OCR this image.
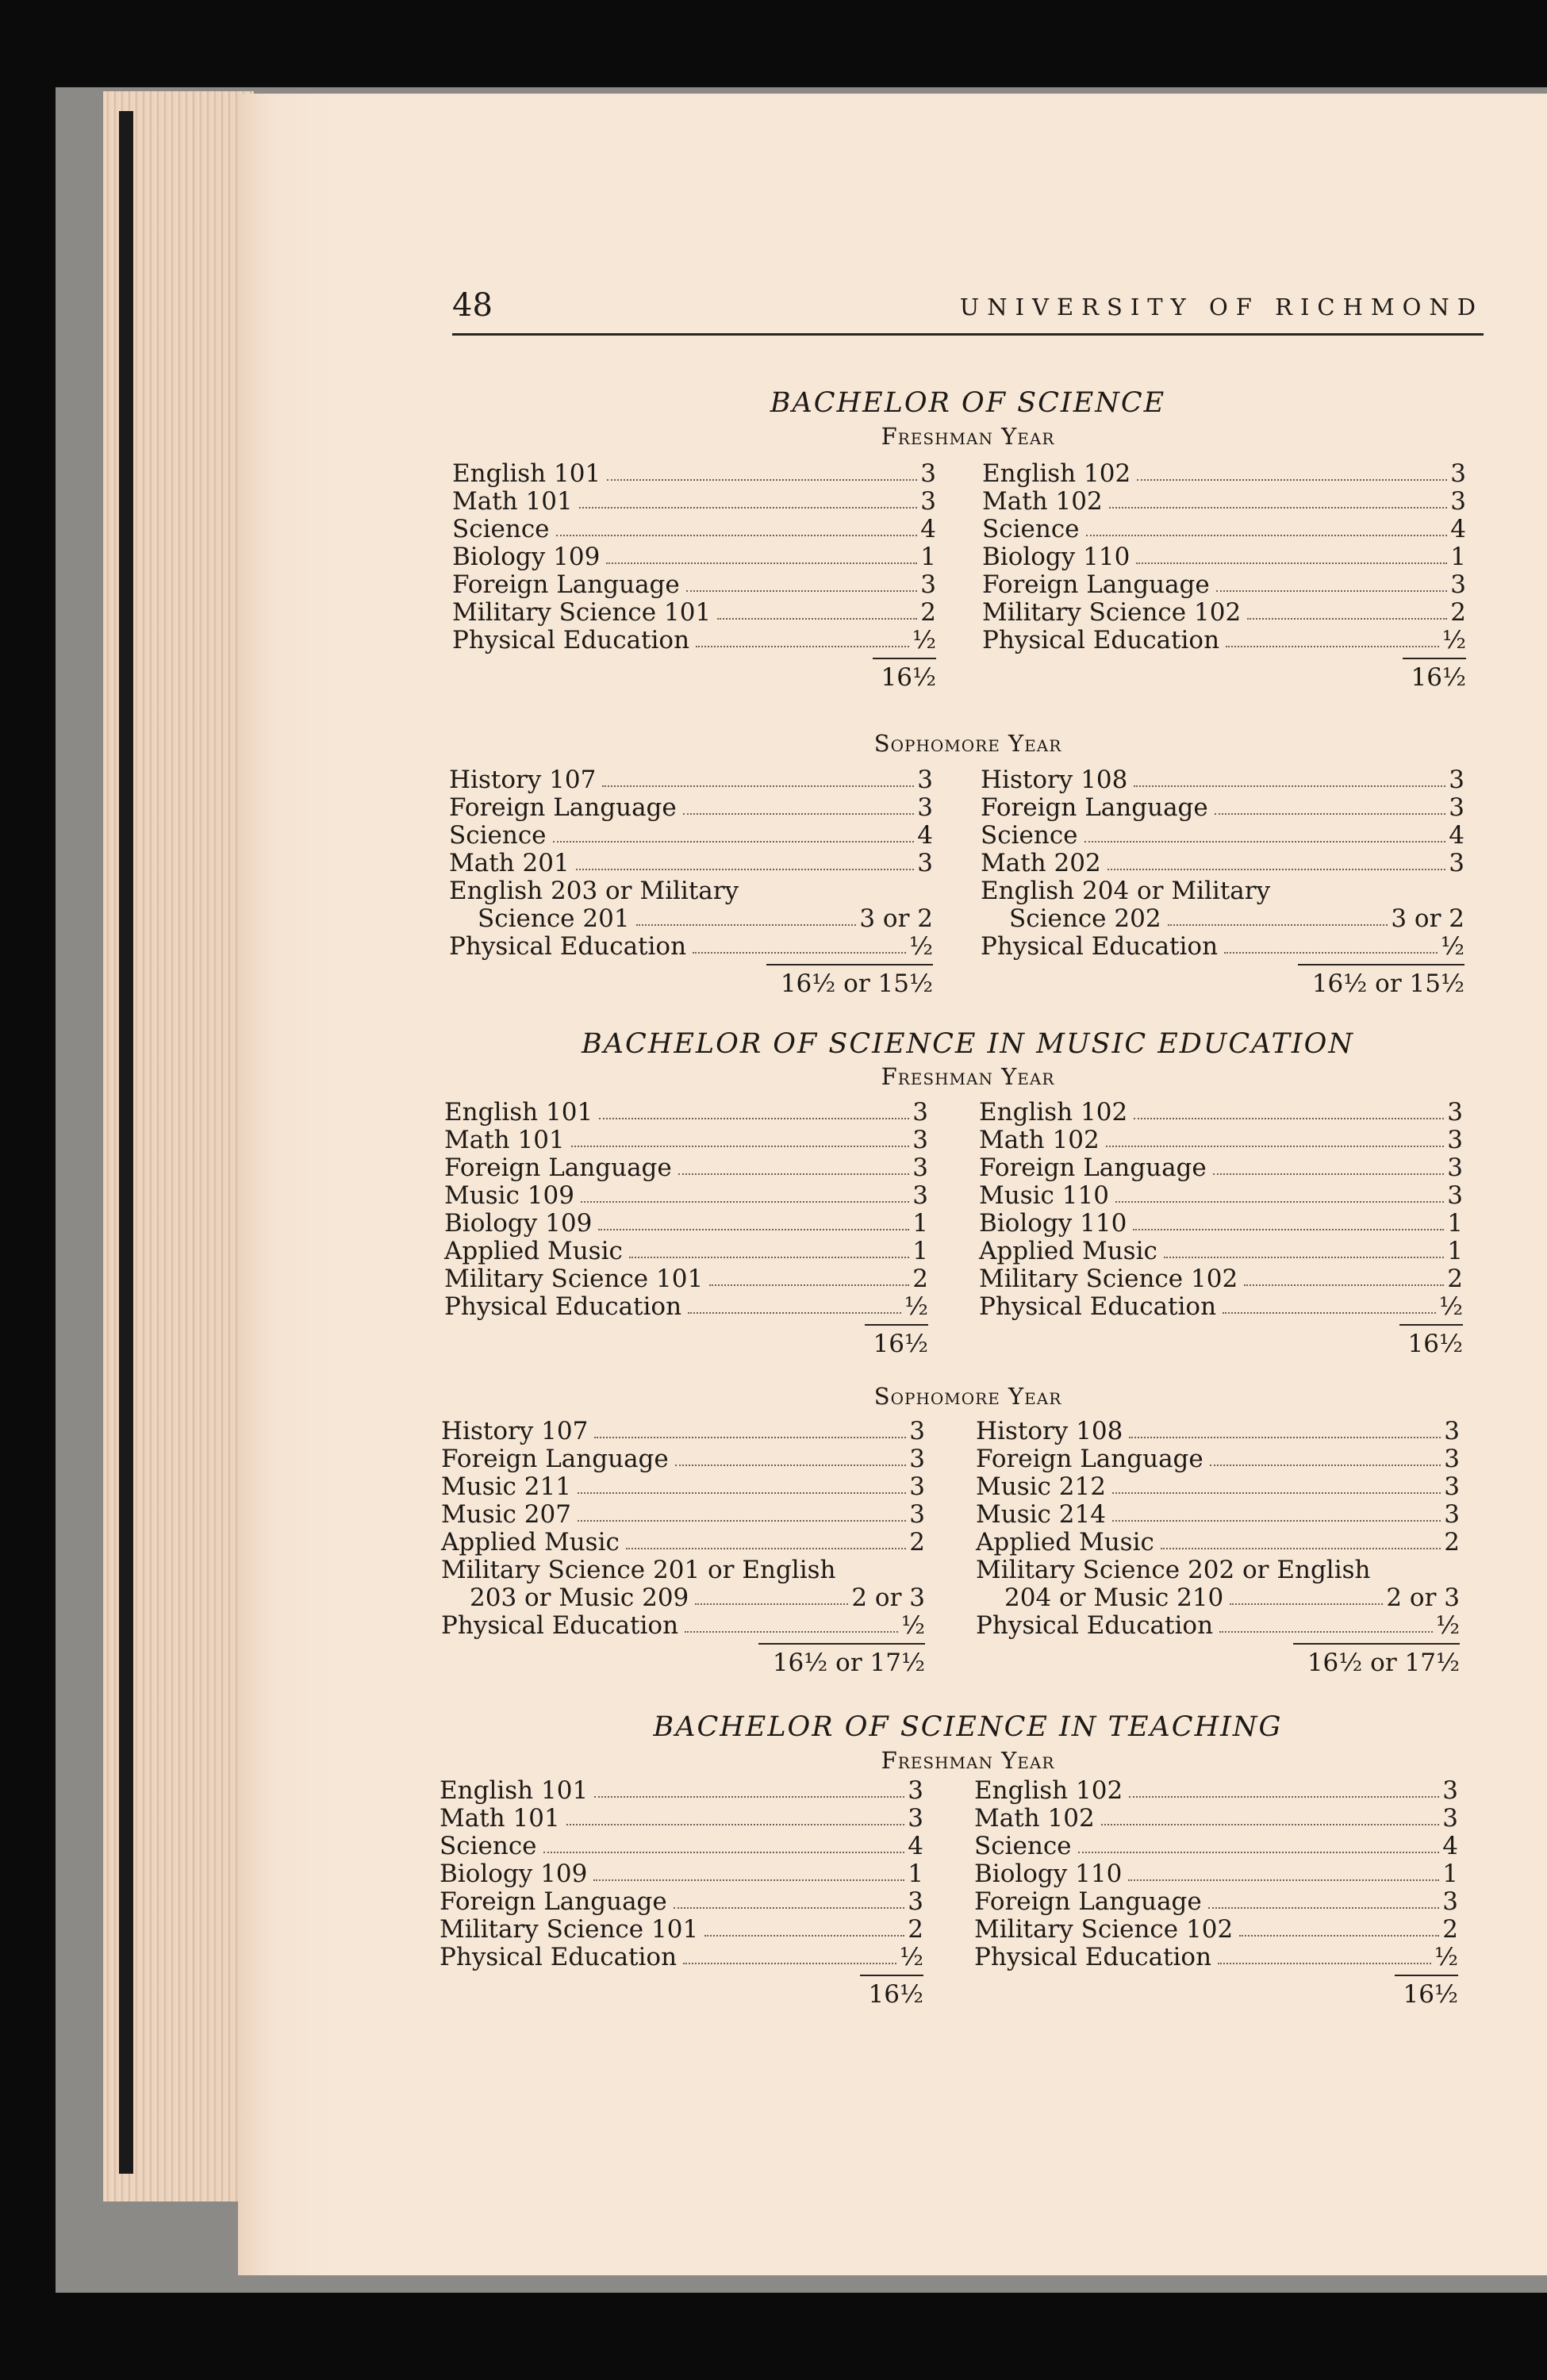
48	UNIVERSITY OF RICHMOND
BACHELOR OF SCIENCE
Freshman Year
English 101	3
Math 101	3
Science	4
Biology 109	1
Foreign Language	3
Military Science 101	2
Physical Education	½
16½
English 102	3
Math 102	3
Science	4
Biology 110	1
Foreign Language	3
Military Science 102	2
Physical Education	½
16½
Sophomore Year
History 107	3
Foreign Language	3
Science	4
Math 201	3
English 203 or Military
Science 201	3 or 2
Physical Education	½
16½ or 15½
History 108	3
Foreign Language	3
Science	4
Math 202	3
English 204 or Military
Science 202	3 or 2
Physical Education	½
16½ or 15½
BACHELOR OF SCIENCE IN MUSIC EDUCATION
Freshman Year
English 101	3
Math 101	3
Foreign Language	3
Music 109	3
Biology 109	1
Applied Music	1
Military Science 101	2
Physical Education	½
16½
English 102	3
Math 102	3
Foreign Language	3
Music 110	3
Biology 110	1
Applied Music	1
Military Science 102	2
Physical Education	½
16½
Sophomore Year
History 107	3
Foreign Language	3
Music 211	3
Music 207	3
Applied Music	2
Military Science 201 or English
203 or Music 209	2 or 3
Physical Education	½
16½ or 17½
History 108	3
Foreign Language	3
Music 212	3
Music 214	3
Applied Music	2
Military Science 202 or English
204 or Music 210	2 or 3
Physical Education	½
16½ or 17½
BACHELOR OF SCIENCE IN TEACHING
Freshman Year
English 101	3
Math 101	3
Science	4
Biology 109	1
Foreign Language	3
Military Science 101	2
Physical Education	½
16½
English 102	3
Math 102	3
Science	4
Biology 110	1
Foreign Language	3
Military Science 102	2
Physical Education	½
16½
